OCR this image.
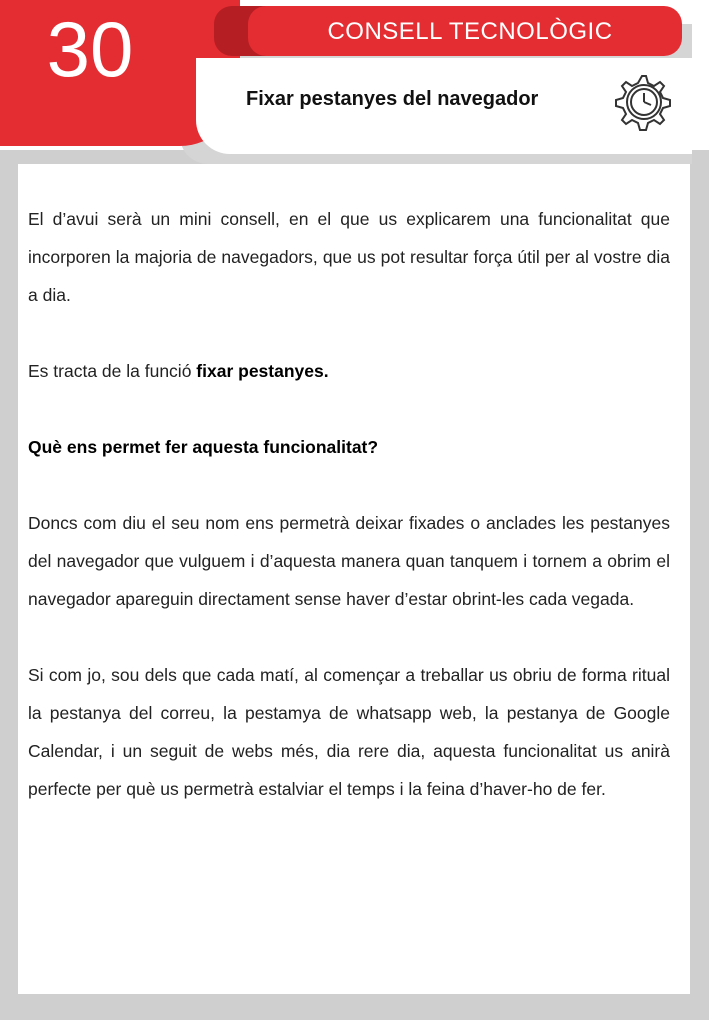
30	CONSELL TECNOLÒGIC
Fixar pestanyes del navegador

El d’avui serà un mini consell, en el que us explicarem una funcionalitat que incorporen la majoria de navegadors, que us pot resultar força útil per al vostre dia a dia.

Es tracta de la funció fixar pestanyes.

Què ens permet fer aquesta funcionalitat?

Doncs com diu el seu nom ens permetrà deixar fixades o anclades les pestanyes del navegador que vulguem i d’aquesta manera quan tanquem i tornem a obrim el navegador apareguin directament sense haver d’estar obrint-les cada vegada.

Si com jo, sou dels que cada matí, al començar a treballar us obriu de forma ritual la pestanya del correu, la pestamya de whatsapp web, la pestanya de Google Calendar, i un seguit de webs més, dia rere dia, aquesta funcionalitat us anirà perfecte per què us permetrà estalviar el temps i la feina d’haver-ho de fer.
